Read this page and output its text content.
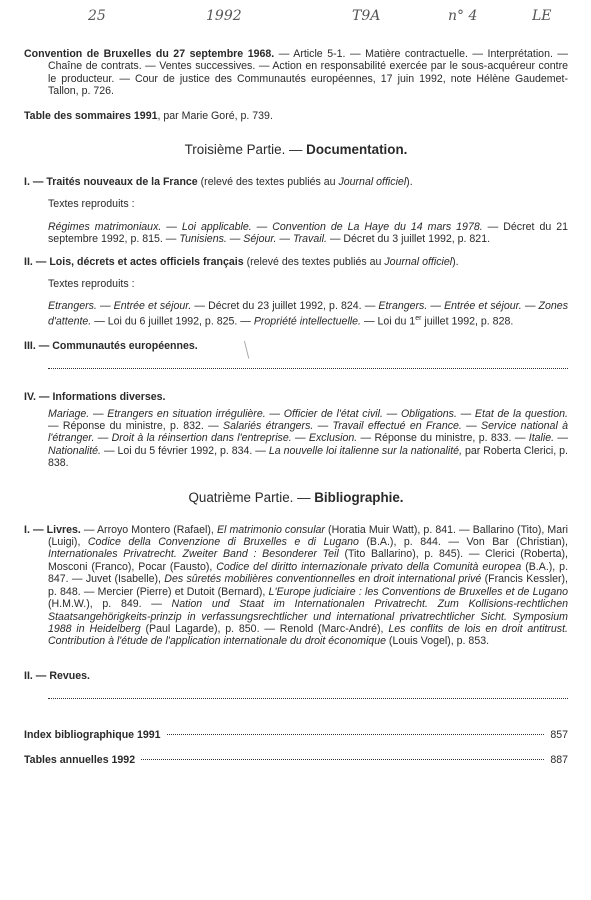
25	1992	T9A	n° 4	LE

Convention de Bruxelles du 27 septembre 1968. — Article 5-1. — Matière contractuelle. — Interprétation. — Chaîne de contrats. — Ventes successives. — Action en responsabilité exercée par le sous-acquéreur contre le producteur. — Cour de justice des Communautés européennes, 17 juin 1992, note Hélène Gaudemet-Tallon, p. 726.

Table des sommaires 1991, par Marie Goré, p. 739.

Troisième Partie. — Documentation.

I. — Traités nouveaux de la France (relevé des textes publiés au Journal officiel).

Textes reproduits :

Régimes matrimoniaux. — Loi applicable. — Convention de La Haye du 14 mars 1978. — Décret du 21 septembre 1992, p. 815. — Tunisiens. — Séjour. — Travail. — Décret du 3 juillet 1992, p. 821.

II. — Lois, décrets et actes officiels français (relevé des textes publiés au Journal officiel).

Textes reproduits :

Etrangers. — Entrée et séjour. — Décret du 23 juillet 1992, p. 824. — Etrangers. — Entrée et séjour. — Zones d'attente. — Loi du 6 juillet 1992, p. 825. — Propriété intellectuelle. — Loi du 1er juillet 1992, p. 828.

III. — Communautés européennes.

IV. — Informations diverses.

Mariage. — Etrangers en situation irrégulière. — Officier de l'état civil. — Obligations. — Etat de la question. — Réponse du ministre, p. 832. — Salariés étrangers. — Travail effectué en France. — Service national à l'étranger. — Droit à la réinsertion dans l'entreprise. — Exclusion. — Réponse du ministre, p. 833. — Italie. — Nationalité. — Loi du 5 février 1992, p. 834. — La nouvelle loi italienne sur la nationalité, par Roberta Clerici, p. 838.

Quatrième Partie. — Bibliographie.

I. — Livres. — Arroyo Montero (Rafael), El matrimonio consular (Horatia Muir Watt), p. 841. — Ballarino (Tito), Mari (Luigi), Codice della Convenzione di Bruxelles e di Lugano (B.A.), p. 844. — Von Bar (Christian), Internationales Privatrecht. Zweiter Band : Besonderer Teil (Tito Ballarino), p. 845). — Clerici (Roberta), Mosconi (Franco), Pocar (Fausto), Codice del diritto internazionale privato della Comunità europea (B.A.), p. 847. — Juvet (Isabelle), Des sûretés mobilières conventionnelles en droit international privé (Francis Kessler), p. 848. — Mercier (Pierre) et Dutoit (Bernard), L'Europe judiciaire : les Conventions de Bruxelles et de Lugano (H.M.W.), p. 849. — Nation und Staat im Internationalen Privatrecht. Zum Kollisions-rechtlichen Staatsangehörigkeits-prinzip in verfassungsrechtlicher und international privatrechtlicher Sicht. Symposium 1988 in Heidelberg (Paul Lagarde), p. 850. — Renold (Marc-André), Les conflits de lois en droit antitrust. Contribution à l'étude de l'application internationale du droit économique (Louis Vogel), p. 853.

II. — Revues.

Index bibliographique 1991	857
Tables annuelles 1992	887
